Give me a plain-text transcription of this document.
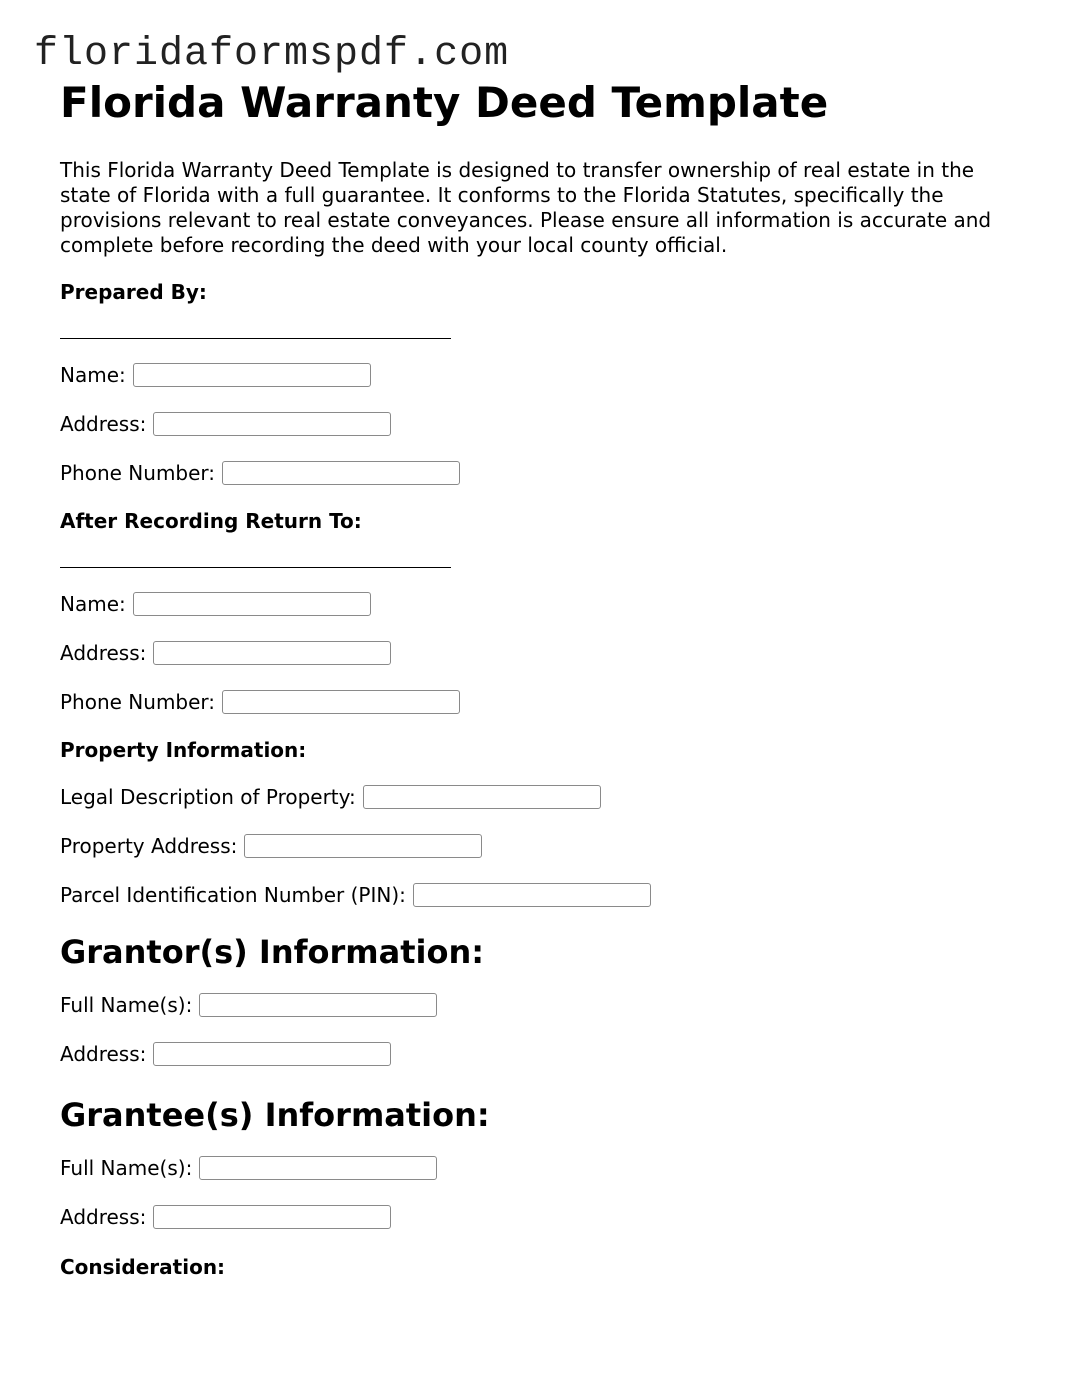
floridaformspdf.com
Florida Warranty Deed Template

This Florida Warranty Deed Template is designed to transfer ownership of real estate in the state of Florida with a full guarantee. It conforms to the Florida Statutes, specifically the provisions relevant to real estate conveyances. Please ensure all information is accurate and complete before recording the deed with your local county official.

Prepared By:
Name:
Address:
Phone Number:
After Recording Return To:
Name:
Address:
Phone Number:
Property Information:
Legal Description of Property:
Property Address:
Parcel Identification Number (PIN):
Grantor(s) Information:
Full Name(s):
Address:
Grantee(s) Information:
Full Name(s):
Address:
Consideration:
